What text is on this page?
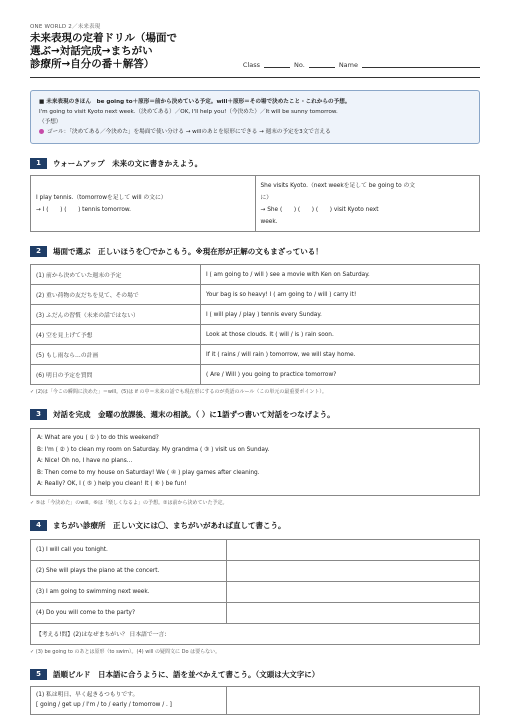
ONE WORLD 2／未来表現
未来表現の定着ドリル（場面で
選ぶ→対話完成→まちがい
診療所→自分の番＋解答）	Class	No.	Name
■ 未来表現のきほん　be going to＋原形＝前から決めている予定。will＋原形＝その場で決めたこと・これからの予想。
I'm going to visit Kyoto next week.（決めてある）／OK, I'll help you!（今決めた）／It will be sunny tomorrow.
（予想）
ゴール：「決めてある／今決めた」を場面で使い分ける → willのあとを原形にできる → 週末の予定を3文で言える
1	ウォームアップ　未来の文に書きかえよう。
I play tennis.（tomorrowを足して will の文に）
→ I (　　) (　　) tennis tomorrow.

She visits Kyoto.（next weekを足して be going to の文
に）
→ She (　　) (　　) (　　) visit Kyoto next
week.
2	場面で選ぶ　正しいほうを〇でかこもう。※現在形が正解の文もまざっている！
(1) 前から決めていた週末の予定	I ( am going to / will ) see a movie with Ken on Saturday.
(2) 重い荷物の友だちを見て、その場で	Your bag is so heavy! I ( am going to / will ) carry it!
(3) ふだんの習慣（未来の話ではない）	I ( will play / play ) tennis every Sunday.
(4) 空を見上げて予想	Look at those clouds. It ( will / is ) rain soon.
(5) もし雨なら…の計画	If it ( rains / will rain ) tomorrow, we will stay home.
(6) 明日の予定を質問	( Are / Will ) you going to practice tomorrow?
✓ (2)は「今この瞬間に決めた」＝will。(5)は if の中＝未来の話でも現在形にするのが英語のルール（この単元の最重要ポイント）。
3	対話を完成　金曜の放課後、週末の相談。（ ）に1語ずつ書いて対話をつなげよう。
A: What are you ( ① ) to do this weekend?
B: I'm ( ② ) to clean my room on Saturday. My grandma ( ③ ) visit us on Sunday.
A: Nice! Oh no, I have no plans...
B: Then come to my house on Saturday! We ( ④ ) play games after cleaning.
A: Really? OK, I ( ⑤ ) help you clean! It ( ⑥ ) be fun!
✓ ⑤は「今決めた」のwill。⑥は「楽しくなるよ」の予想。②は前から決めていた予定。
4	まちがい診療所　正しい文には〇、まちがいがあれば直して書こう。
(1) I will call you tonight.	
(2) She will plays the piano at the concert.	
(3) I am going to swimming next week.	
(4) Do you will come to the party?	
【考える!問】(2)はなぜまちがい？ 日本語で一言:	
✓ (3) be going to のあとは原形（to swim）。(4) will の疑問文に Do は要らない。
5	語順ビルド　日本語に合うように、語を並べかえて書こう。（文頭は大文字に）
(1) 私は明日、早く起きるつもりです。
[ going / get up / I'm / to / early / tomorrow / . ]
